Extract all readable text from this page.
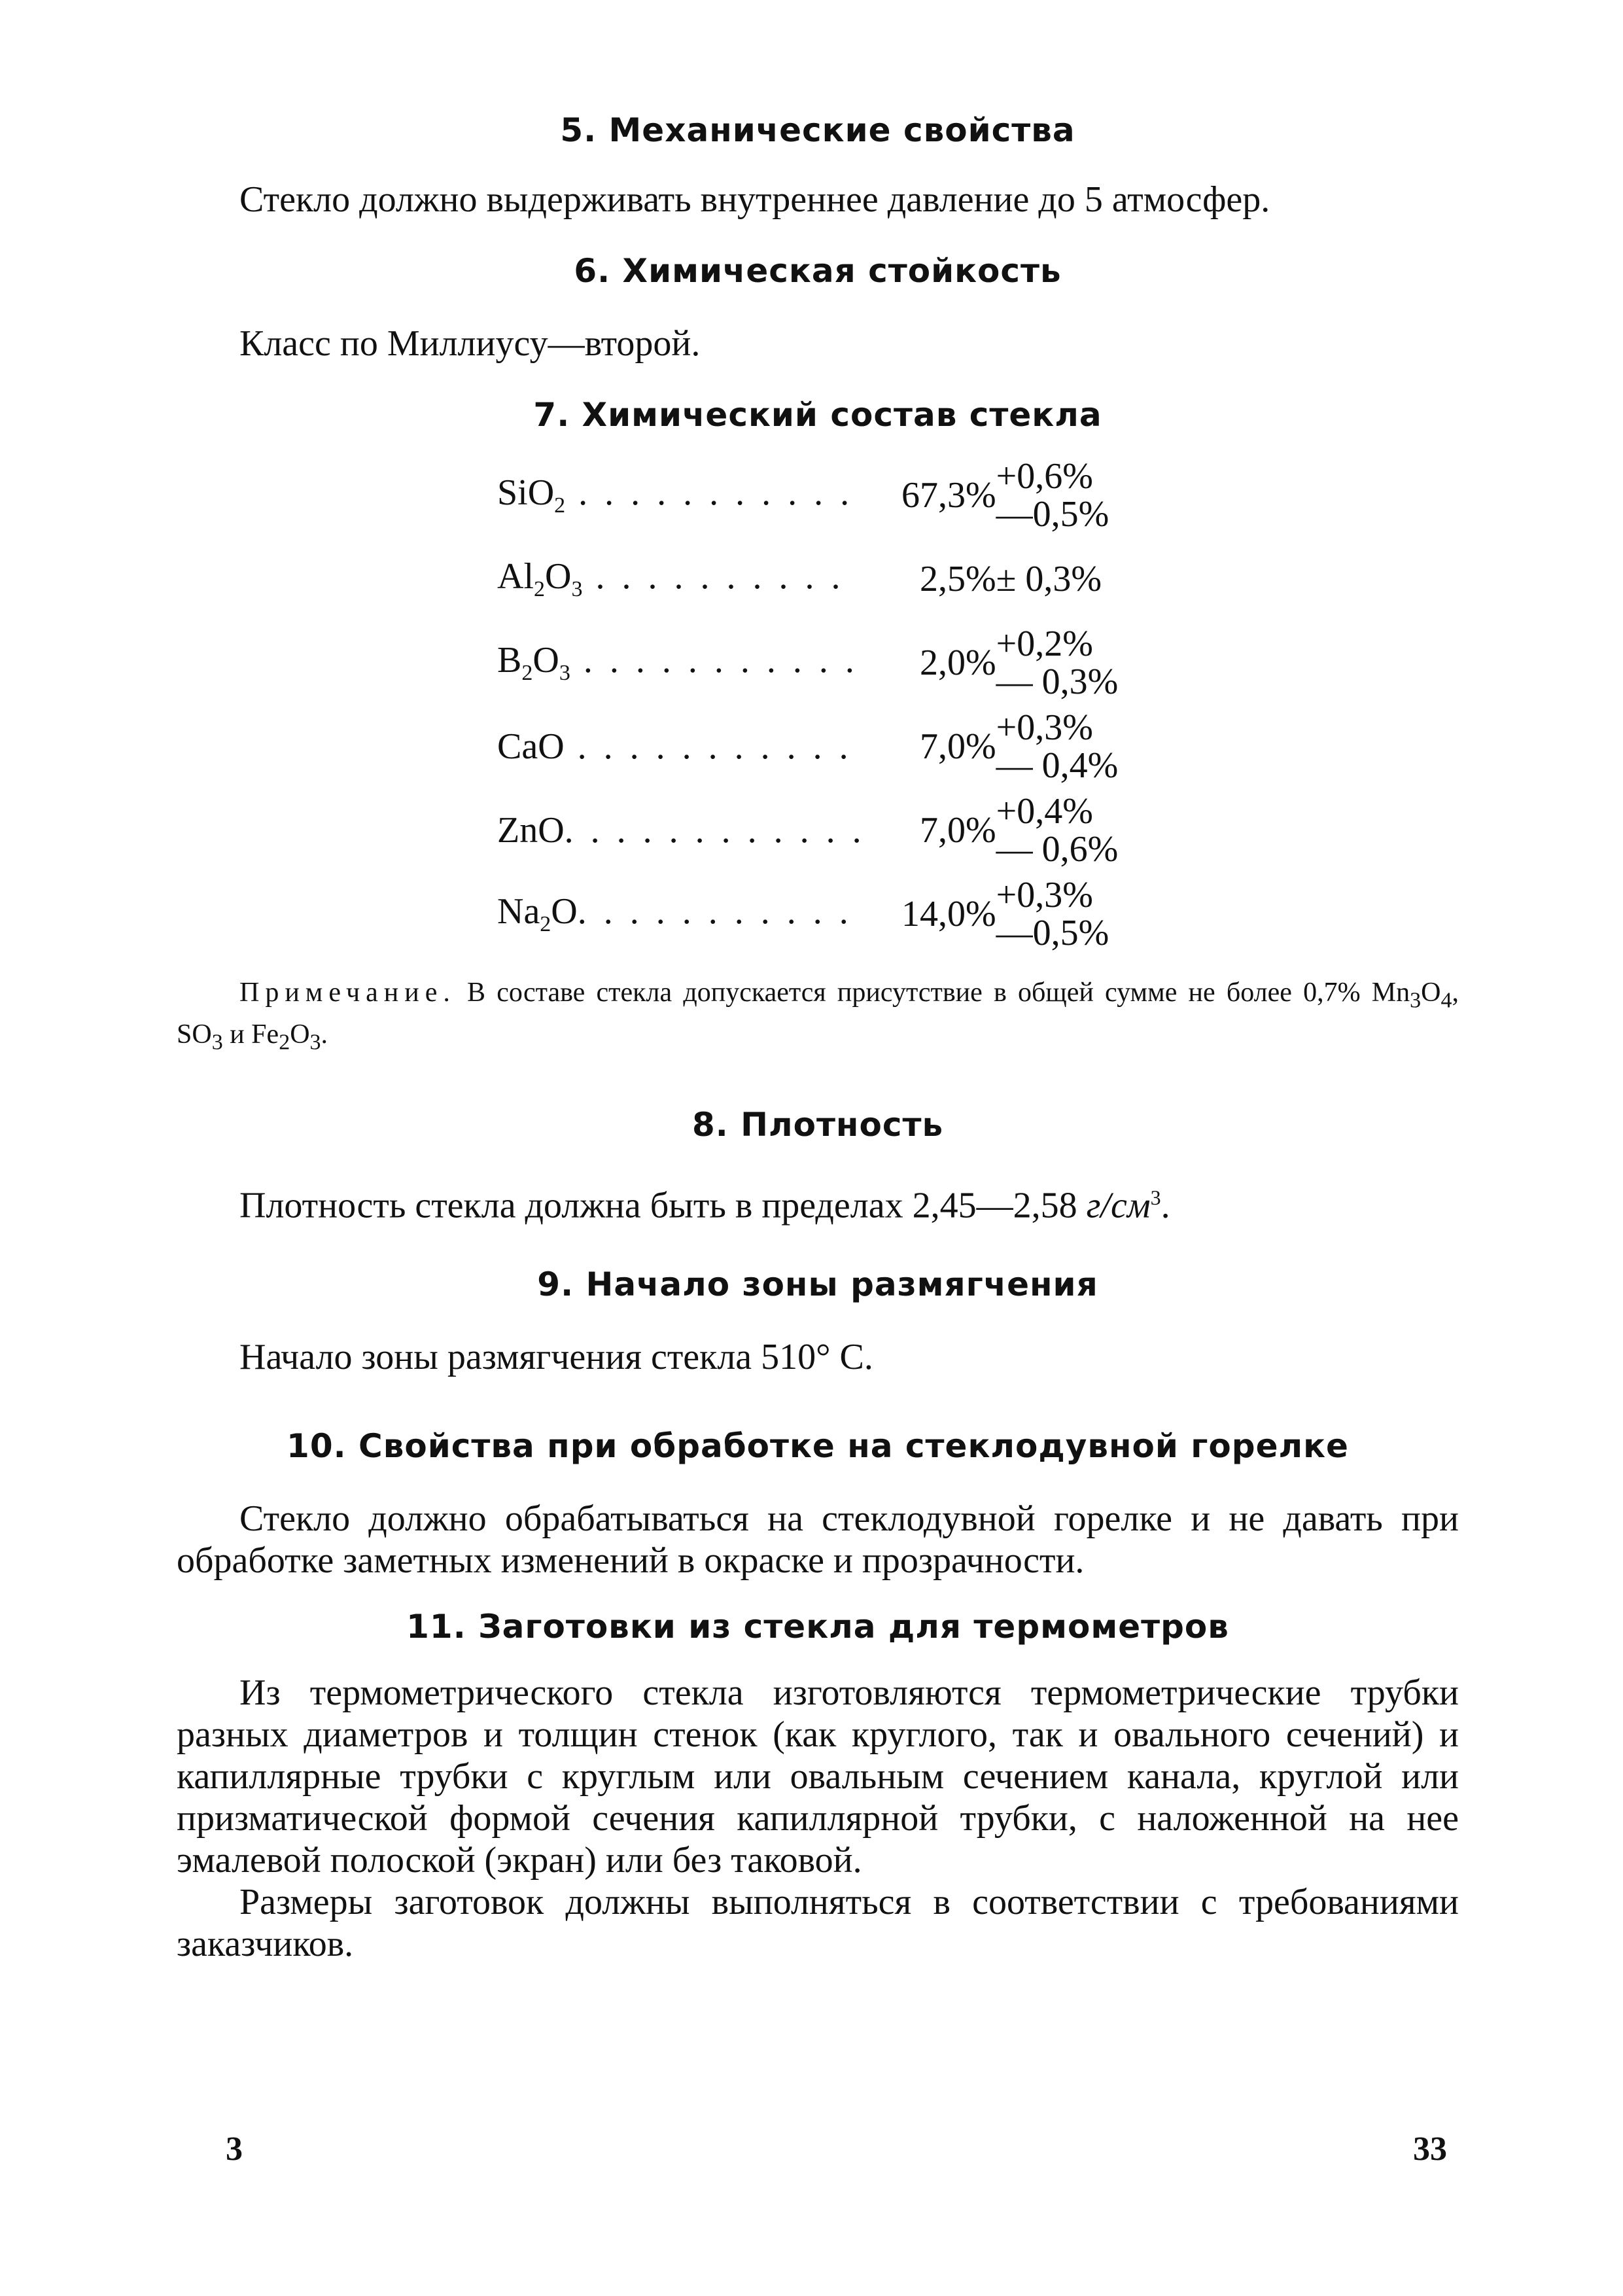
5. Механические свойства

Стекло должно выдерживать внутреннее давление до 5 атмосфер.

6. Химическая стойкость

Класс по Миллиусу—второй.

7. Химический состав стекла
SiO$_2$ . . . . . . . . . . .	67,3%	+0,6%
—0,5%

$Al_2O_3$ . . . . . . . . . .	2,5%	± 0,3%
$B_2O_3$ . . . . . . . . . . .	2,0%	+0,2%
— 0,3%

CaO . . . . . . . . . . .	7,0%	+0,3%
— 0,4%

ZnO. . . . . . . . . . . .	7,0%	+0,4%
— 0,6%

$Na_2O$. . . . . . . . . . .	14,0%	+0,3%
—0,5%

Примечание. В составе стекла допускается присутствие в общей сумме не более 0,7% $Mn_3O_4$, $SO_3$ и $Fe_2O_3$.

8. Плотность

Плотность стекла должна быть в пределах 2,45—2,58 $г/см^3$.

9. Начало зоны размягчения

Начало зоны размягчения стекла 510° С.

10. Свойства при обработке на стеклодувной горелке

Стекло должно обрабатываться на стеклодувной горелке и не давать при обработке заметных изменений в окраске и прозрачности.

11. Заготовки из стекла для термометров

Из термометрического стекла изготовляются термометрические трубки разных диаметров и толщин стенок (как круглого, так и овального сечений) и капиллярные трубки с круглым или овальным сечением канала, круглой или призматической формой сечения капиллярной трубки, с наложенной на нее эмалевой полоской (экран) или без таковой.

Размеры заготовок должны выполняться в соответствии с требованиями заказчиков.

3	33
